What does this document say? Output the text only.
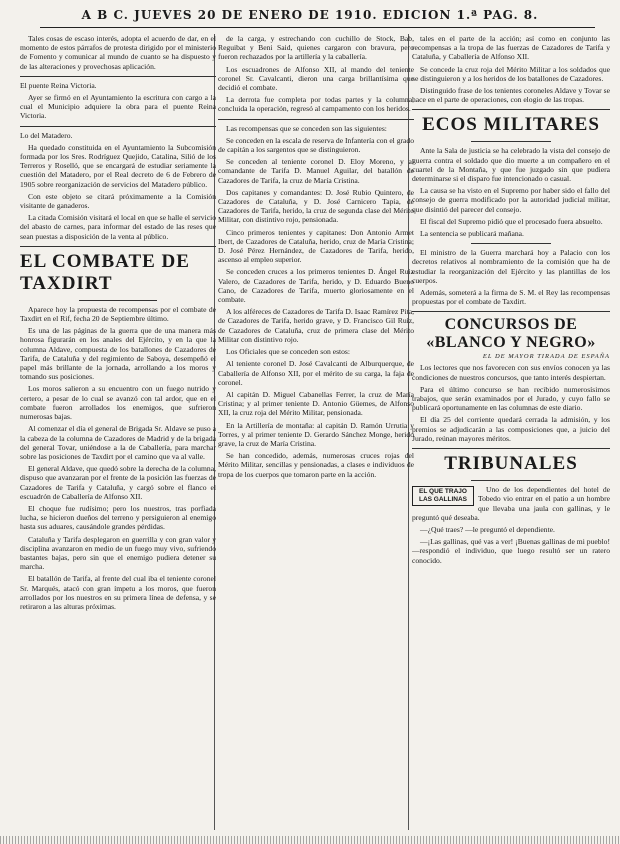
A B C. JUEVES 20 DE ENERO DE 1910. EDICION 1.ª PAG. 8.

Tales cosas de escaso interés, adopta el acuerdo de dar, en el momento de estos párrafos de protesta dirigido por el ministerio de Fomento y comunicar al mundo de cuanto se ha dispuesto y de las alteraciones y provechosas aplicación.

El puente Reina Victoria.

Ayer se firmó en el Ayuntamiento la escritura con cargo a la cual el Municipio adquiere la obra para el puente Reina Victoria.

Lo del Matadero.

Ha quedado constituida en el Ayuntamiento la Subcomisión formada por los Sres. Rodríguez Quejido, Catalina, Silió de los Terreros y Roselló, que se encargará de estudiar seriamente la cuestión del Matadero, por el Real decreto de 6 de Febrero de 1905 sobre reorganización de servicios del Matadero público.

Con este objeto se citará próximamente a la Comisión visitante de ganaderos.

La citada Comisión visitará el local en que se halle el servicio del abasto de carnes, para informar del estado de las reses que sean puestas a disposición de la venta al público.

EL COMBATE DE TAXDIRT

Aparece hoy la propuesta de recompensas por el combate de Taxdirt en el Rif, fecha 20 de Septiembre último.

Es una de las páginas de la guerra que de una manera más honrosa figurarán en los anales del Ejército, y en la que la columna Aldave, compuesta de los batallones de Cazadores de Tarifa, de Cataluña y del regimiento de Saboya, desempeñó el papel más brillante de la jornada, arrollando a los moros y tomando sus posiciones.

Los moros salieron a su encuentro con un fuego nutrido y certero, a pesar de lo cual se avanzó con tal ardor, que en el combate fueron arrollados los enemigos, que sufrieron numerosas bajas.

Al comenzar el día el general de Brigada Sr. Aldave se puso a la cabeza de la columna de Cazadores de Madrid y de la brigada del general Tovar, uniéndose a la de Caballería, para marchar sobre las posiciones de Taxdirt por el camino que va al valle.

El general Aldave, que quedó sobre la derecha de la columna, dispuso que avanzaran por el frente de la posición las fuerzas de Cazadores de Tarifa y Cataluña, y cargó sobre el flanco el escuadrón de Caballería de Alfonso XII.

El choque fue rudísimo; pero los nuestros, tras porfiada lucha, se hicieron dueños del terreno y persiguieron al enemigo hasta sus aduares, causándole grandes pérdidas.

Cataluña y Tarifa desplegaron en guerrilla y con gran valor y disciplina avanzaron en medio de un fuego muy vivo, sufriendo bastantes bajas, pero sin que el enemigo pudiera detener su marcha.

El batallón de Tarifa, al frente del cual iba el teniente coronel Sr. Marqués, atacó con gran ímpetu a los moros, que fueron arrollados por los nuestros en su primera línea de defensa, y se retiraron a las alturas próximas.

de la carga, y estrechando con cuchillo de Stock, Bab, Reguibat y Beni Said, quienes cargaron con bravura, pero fueron rechazados por la artillería y la caballería.

Los escuadrones de Alfonso XII, al mando del teniente coronel Sr. Cavalcanti, dieron una carga brillantísima que decidió el combate.

La derrota fue completa por todas partes y la columna, concluida la operación, regresó al campamento con los heridos.

Las recompensas que se conceden son las siguientes:

Se conceden en la escala de reserva de Infantería con el grado de capitán a los sargentos que se distinguieron.

Se conceden al teniente coronel D. Eloy Moreno, y al comandante de Tarifa D. Manuel Aguilar, del batallón de Cazadores de Tarifa, la cruz de María Cristina.

Dos capitanes y comandantes: D. José Rubio Quintero, de Cazadores de Cataluña, y D. José Carnicero Tapia, de Cazadores de Tarifa, herido, la cruz de segunda clase del Mérito Militar, con distintivo rojo, pensionada.

Cinco primeros tenientes y capitanes: Don Antonio Armet Ibert, de Cazadores de Cataluña, herido, cruz de María Cristina; D. José Pérez Hernández, de Cazadores de Tarifa, herido, ascenso al empleo superior.

Se conceden cruces a los primeros tenientes D. Ángel Ruiz Valero, de Cazadores de Tarifa, herido, y D. Eduardo Bueno Cano, de Cazadores de Tarifa, muerto gloriosamente en el combate.

A los alféreces de Cazadores de Tarifa D. Isaac Ramírez Pita, de Cazadores de Tarifa, herido grave, y D. Francisco Gil Ruiz, de Cazadores de Cataluña, cruz de primera clase del Mérito Militar con distintivo rojo.

Los Oficiales que se conceden son estos:

Al teniente coronel D. José Cavalcanti de Alburquerque, de Caballería de Alfonso XII, por el mérito de su carga, la faja de coronel.

Al capitán D. Miguel Cabanellas Ferrer, la cruz de María Cristina; y al primer teniente D. Antonio Güemes, de Alfonso XII, la cruz roja del Mérito Militar, pensionada.

En la Artillería de montaña: al capitán D. Ramón Urrutia y Torres, y al primer teniente D. Gerardo Sánchez Monge, herido grave, la cruz de María Cristina.

Se han concedido, además, numerosas cruces rojas del Mérito Militar, sencillas y pensionadas, a clases e individuos de tropa de los cuerpos que tomaron parte en la acción.

tales en el parte de la acción; así como en conjunto las recompensas a la tropa de las fuerzas de Cazadores de Tarifa y Cataluña, y Caballería de Alfonso XII.

Se concede la cruz roja del Mérito Militar a los soldados que se distinguieron y a los heridos de los batallones de Cazadores.

Distinguido frase de los tenientes coroneles Aldave y Tovar se hace en el parte de operaciones, con elogio de las tropas.

ECOS MILITARES

Ante la Sala de justicia se ha celebrado la vista del consejo de guerra contra el soldado que dio muerte a un compañero en el cuartel de la Montaña, y que fue juzgado sin que pudiera determinarse si el disparo fue intencionado o casual.

La causa se ha visto en el Supremo por haber sido el fallo del consejo de guerra modificado por la autoridad judicial militar, que disintió del parecer del consejo.

El fiscal del Supremo pidió que el procesado fuera absuelto.

La sentencia se publicará mañana.

El ministro de la Guerra marchará hoy a Palacio con los decretos relativos al nombramiento de la comisión que ha de estudiar la reorganización del Ejército y las plantillas de los cuerpos.

Además, someterá a la firma de S. M. el Rey las recompensas propuestas por el combate de Taxdirt.

CONCURSOS DE «BLANCO Y NEGRO»
EL DE MAYOR TIRADA DE ESPAÑA

Los lectores que nos favorecen con sus envíos conocen ya las condiciones de nuestros concursos, que tanto interés despiertan.

Para el último concurso se han recibido numerosísimos trabajos, que serán examinados por el Jurado, y cuyo fallo se publicará oportunamente en las columnas de este diario.

El día 25 del corriente quedará cerrada la admisión, y los premios se adjudicarán a las composiciones que, a juicio del Jurado, reúnan mayores méritos.

TRIBUNALES
EL QUE TRAJO LAS GALLINAS

Uno de los dependientes del hotel de Tobedo vio entrar en el patio a un hombre que llevaba una jaula con gallinas, y le preguntó qué deseaba.

—¿Qué traes? —le preguntó el dependiente.

—¡Las gallinas, qué vas a ver! ¡Buenas gallinas de mi pueblo! —respondió el individuo, que luego resultó ser un ratero conocido.
